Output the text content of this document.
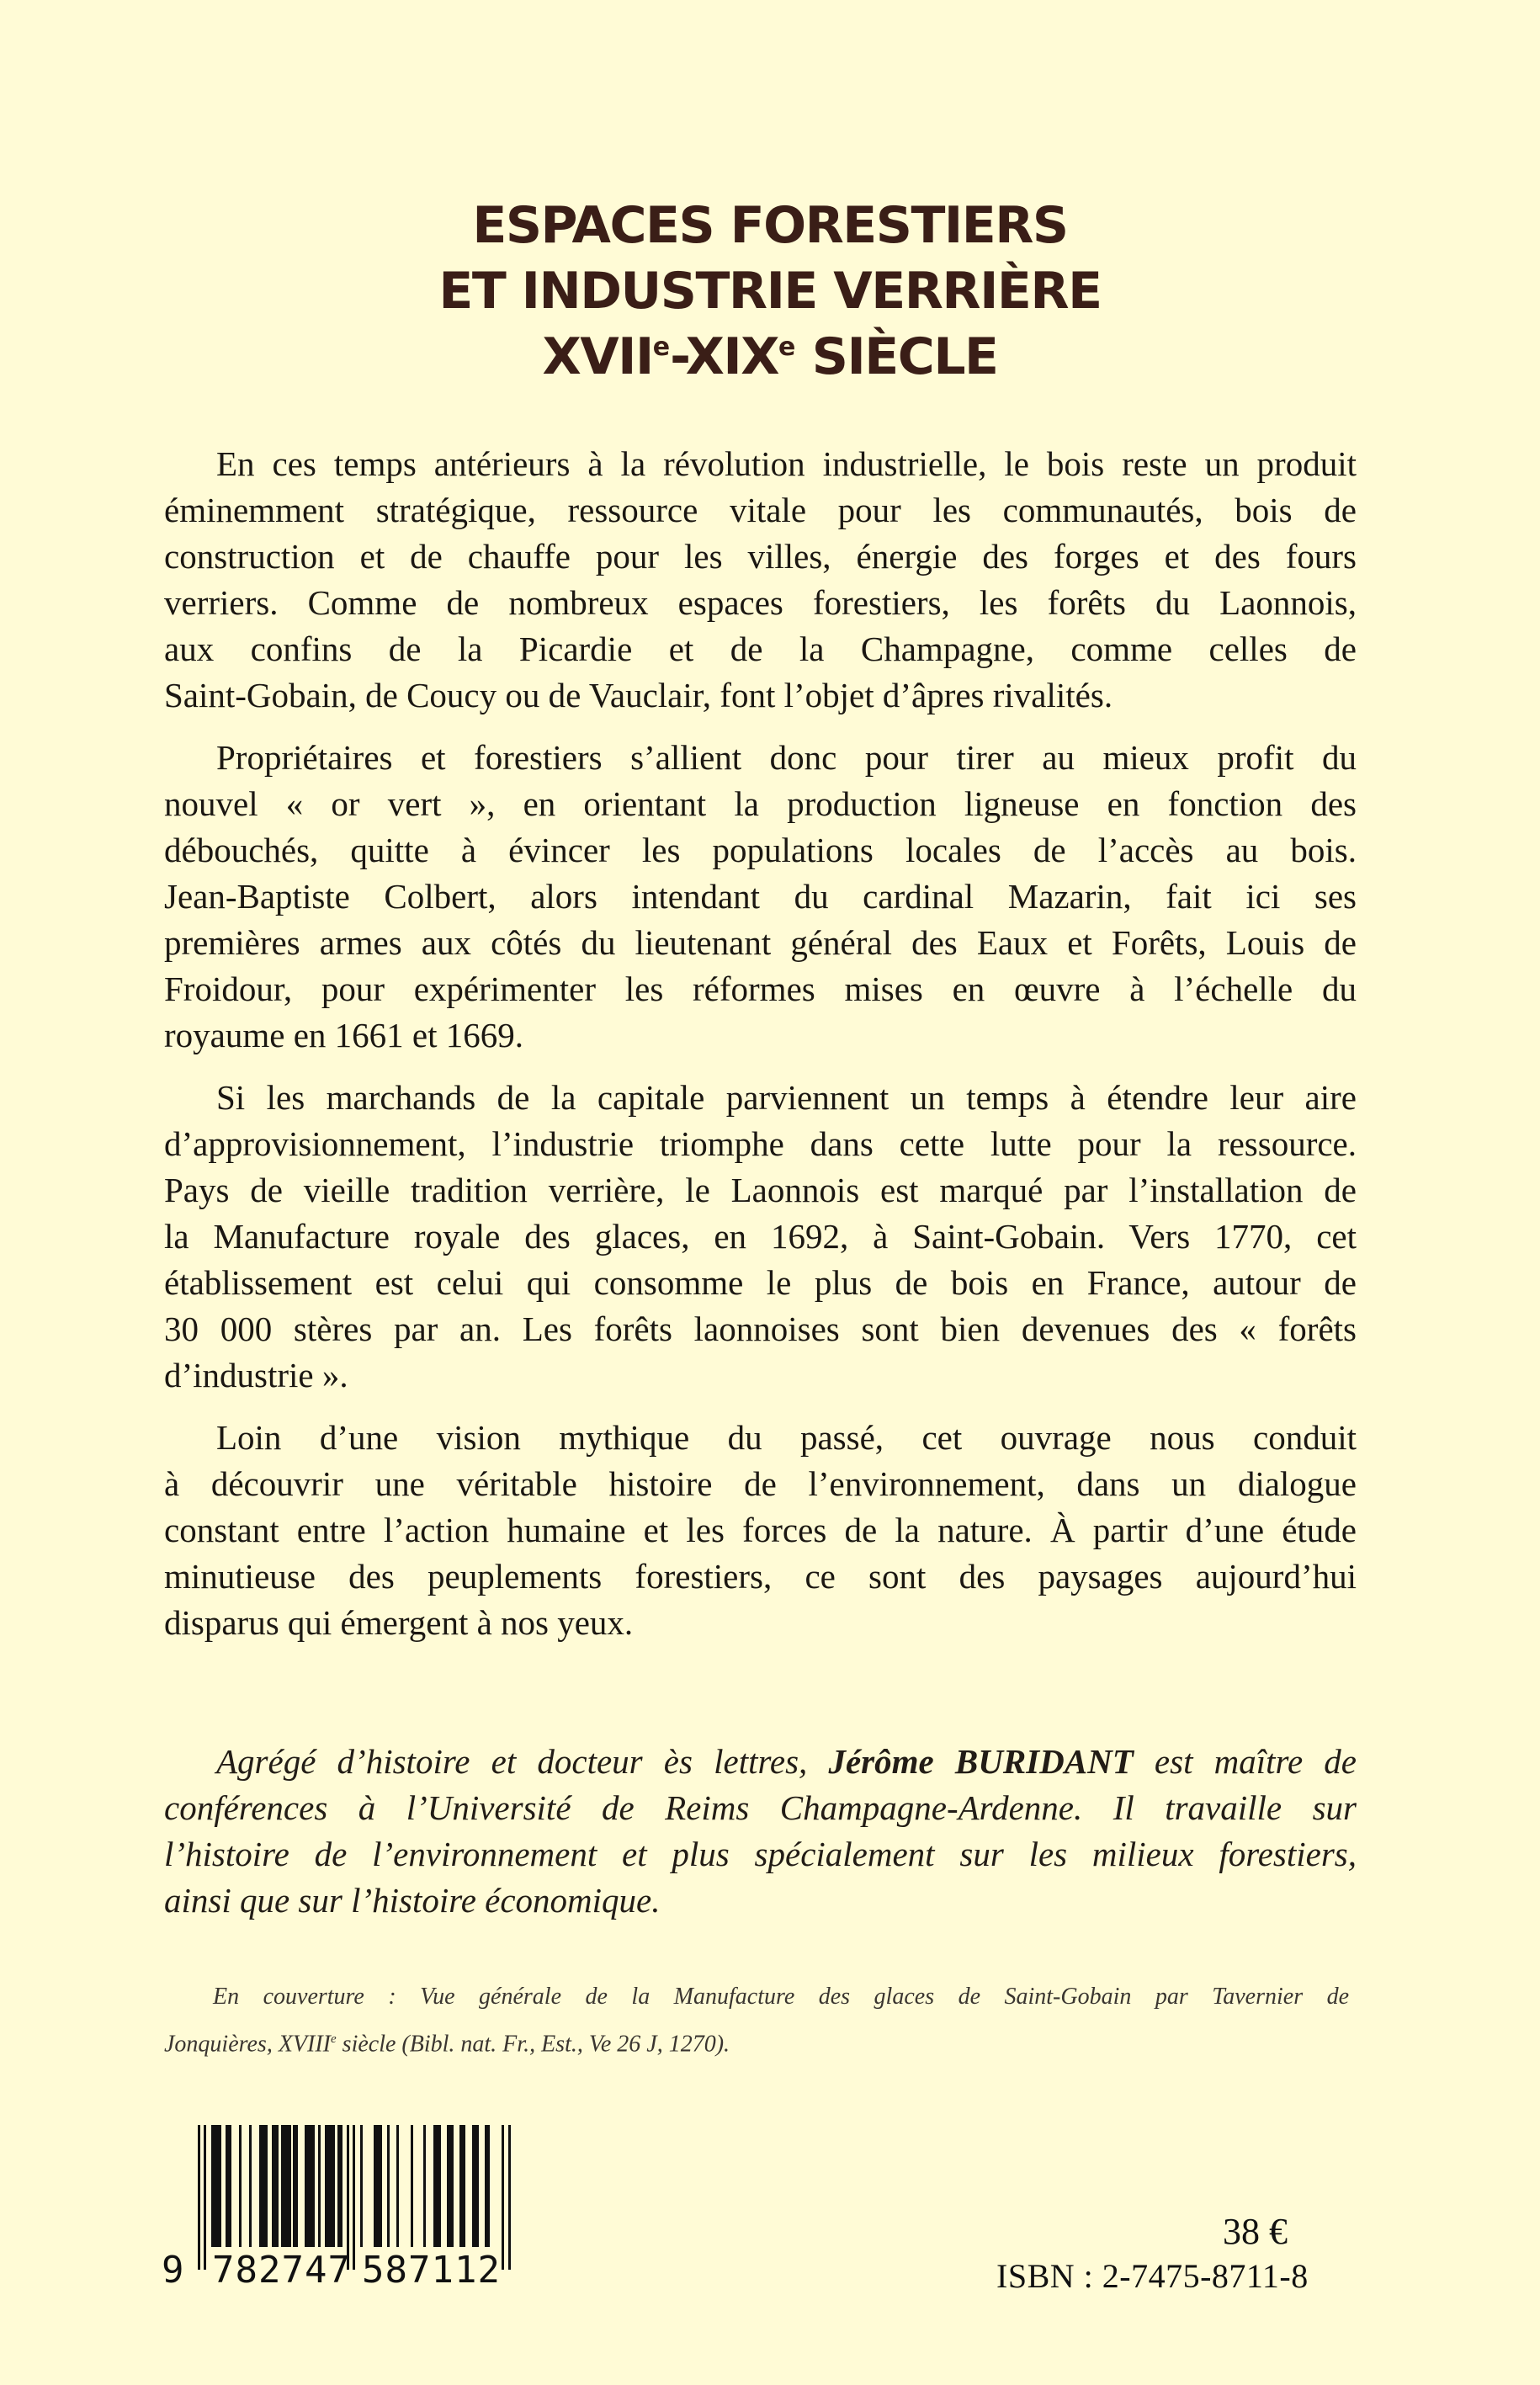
ESPACES FORESTIERS
ET INDUSTRIE VERRIÈRE
XVIIe-XIXe SIÈCLE
En ces temps antérieurs à la révolution industrielle, le bois reste un produit
éminemment stratégique, ressource vitale pour les communautés, bois de
construction et de chauffe pour les villes, énergie des forges et des fours
verriers. Comme de nombreux espaces forestiers, les forêts du Laonnois,
aux confins de la Picardie et de la Champagne, comme celles de
Saint-Gobain, de Coucy ou de Vauclair, font l’objet d’âpres rivalités.
Propriétaires et forestiers s’allient donc pour tirer au mieux profit du
nouvel « or vert », en orientant la production ligneuse en fonction des
débouchés, quitte à évincer les populations locales de l’accès au bois.
Jean-Baptiste Colbert, alors intendant du cardinal Mazarin, fait ici ses
premières armes aux côtés du lieutenant général des Eaux et Forêts, Louis de
Froidour, pour expérimenter les réformes mises en œuvre à l’échelle du
royaume en 1661 et 1669.
Si les marchands de la capitale parviennent un temps à étendre leur aire
d’approvisionnement, l’industrie triomphe dans cette lutte pour la ressource.
Pays de vieille tradition verrière, le Laonnois est marqué par l’installation de
la Manufacture royale des glaces, en 1692, à Saint-Gobain. Vers 1770, cet
établissement est celui qui consomme le plus de bois en France, autour de
30 000 stères par an. Les forêts laonnoises sont bien devenues des « forêts
d’industrie ».
Loin d’une vision mythique du passé, cet ouvrage nous conduit
à découvrir une véritable histoire de l’environnement, dans un dialogue
constant entre l’action humaine et les forces de la nature. À partir d’une étude
minutieuse des peuplements forestiers, ce sont des paysages aujourd’hui
disparus qui émergent à nos yeux.
Agrégé d’histoire et docteur ès lettres, Jérôme BURIDANT est maître de
conférences à l’Université de Reims Champagne-Ardenne. Il travaille sur
l’histoire de l’environnement et plus spécialement sur les milieux forestiers,
ainsi que sur l’histoire économique.
En couverture : Vue générale de la Manufacture des glaces de Saint-Gobain par Tavernier de
Jonquières, XVIIIe siècle (Bibl. nat. Fr., Est., Ve 26 J, 1270).
9 782747 587112
38 €
ISBN : 2-7475-8711-8
